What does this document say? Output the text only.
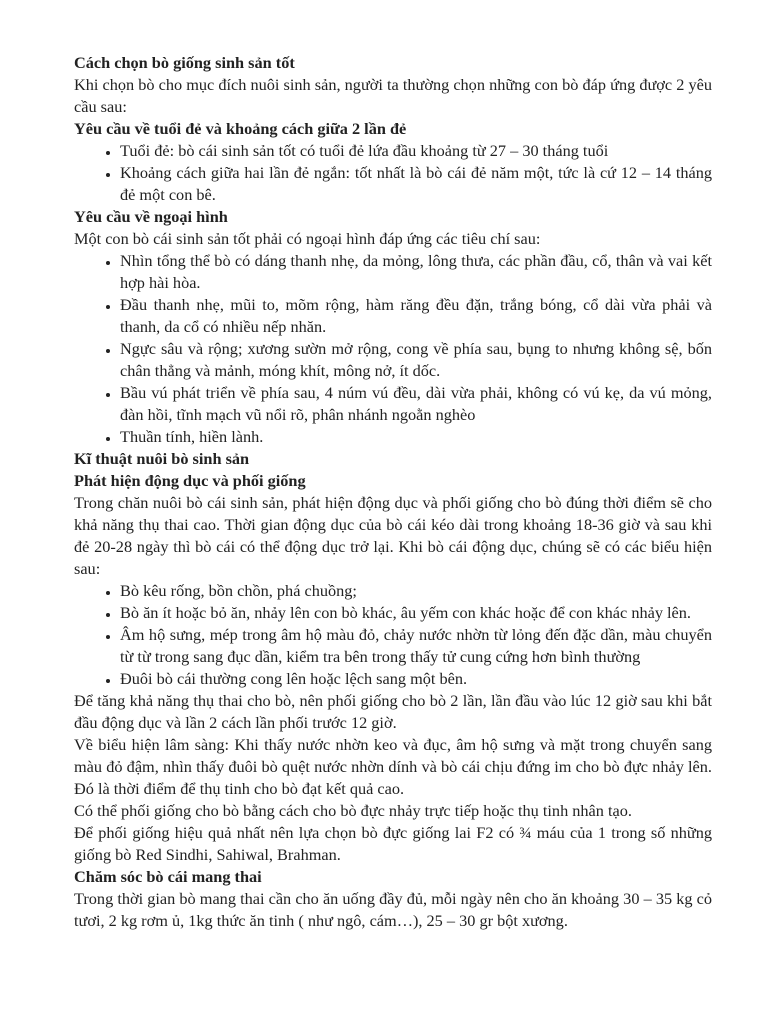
Cách chọn bò giống sinh sản tốt

Khi chọn bò cho mục đích nuôi sinh sản, người ta thường chọn những con bò đáp ứng được 2 yêu cầu sau:

Yêu cầu về tuổi đẻ và khoảng cách giữa 2 lần đẻ
• Tuổi đẻ: bò cái sinh sản tốt có tuổi đẻ lứa đầu khoảng từ 27 – 30 tháng tuổi
• Khoảng cách giữa hai lần đẻ ngắn: tốt nhất là bò cái đẻ năm một, tức là cứ 12 – 14 tháng đẻ một con bê.
Yêu cầu về ngoại hình

Một con bò cái sinh sản tốt phải có ngoại hình đáp ứng các tiêu chí sau:

• Nhìn tổng thể bò có dáng thanh nhẹ, da mỏng, lông thưa, các phần đầu, cổ, thân và vai kết hợp hài hòa.
• Đầu thanh nhẹ, mũi to, mõm rộng, hàm răng đều đặn, trắng bóng, cổ dài vừa phải và thanh, da cổ có nhiều nếp nhăn.
• Ngực sâu và rộng; xương sườn mở rộng, cong về phía sau, bụng to nhưng không sệ, bốn chân thẳng và mảnh, móng khít, mông nở, ít dốc.
• Bầu vú phát triển về phía sau, 4 núm vú đều, dài vừa phải, không có vú kẹ, da vú mỏng, đàn hồi, tĩnh mạch vũ nổi rõ, phân nhánh ngoằn nghèo
• Thuần tính, hiền lành.
Kĩ thuật nuôi bò sinh sản
Phát hiện động dục và phối giống

Trong chăn nuôi bò cái sinh sản, phát hiện động dục và phối giống cho bò đúng thời điểm sẽ cho khả năng thụ thai cao. Thời gian động dục của bò cái kéo dài trong khoảng 18-36 giờ và sau khi đẻ 20-28 ngày thì bò cái có thể động dục trở lại. Khi bò cái động dục, chúng sẽ có các biểu hiện sau:

• Bò kêu rống, bồn chồn, phá chuồng;
• Bò ăn ít hoặc bỏ ăn, nhảy lên con bò khác, âu yếm con khác hoặc để con khác nhảy lên.
• Âm hộ sưng, mép trong âm hộ màu đỏ, chảy nước nhờn từ lỏng đến đặc dần, màu chuyển từ từ trong sang đục dần, kiểm tra bên trong thấy tử cung cứng hơn bình thường
• Đuôi bò cái thường cong lên hoặc lệch sang một bên.

Để tăng khả năng thụ thai cho bò, nên phối giống cho bò 2 lần, lần đầu vào lúc 12 giờ sau khi bắt đầu động dục và lần 2 cách lần phối trước 12 giờ.

Về biểu hiện lâm sàng: Khi thấy nước nhờn keo và đục, âm hộ sưng và mặt trong chuyển sang màu đỏ đậm, nhìn thấy đuôi bò quệt nước nhờn dính và bò cái chịu đứng im cho bò đực nhảy lên. Đó là thời điểm để thụ tinh cho bò đạt kết quả cao.

Có thể phối giống cho bò bằng cách cho bò đực nhảy trực tiếp hoặc thụ tinh nhân tạo.

Để phối giống hiệu quả nhất nên lựa chọn bò đực giống lai F2 có ¾ máu của 1 trong số những giống bò Red Sindhi, Sahiwal, Brahman.

Chăm sóc bò cái mang thai

Trong thời gian bò mang thai cần cho ăn uống đầy đủ, mỗi ngày nên cho ăn khoảng 30 – 35 kg cỏ tươi, 2 kg rơm ủ, 1kg thức ăn tinh ( như ngô, cám…), 25 – 30 gr bột xương.
